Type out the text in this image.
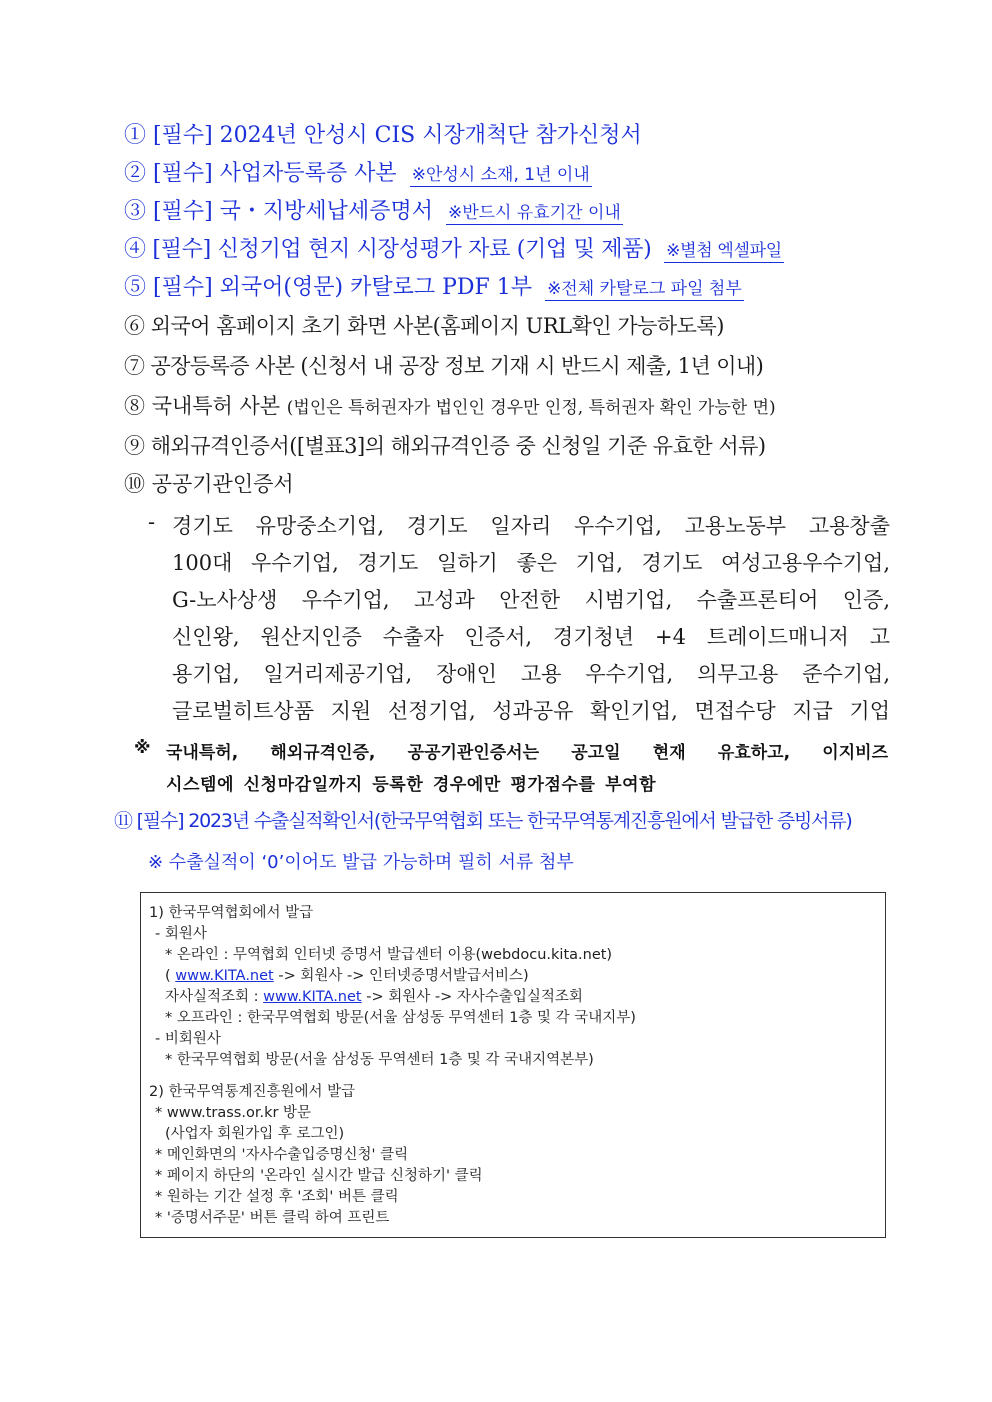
① [필수] 2024년 안성시 CIS 시장개척단 참가신청서
② [필수] 사업자등록증 사본 ※안성시 소재, 1년 이내
③ [필수] 국・지방세납세증명서 ※반드시 유효기간 이내
④ [필수] 신청기업 현지 시장성평가 자료 (기업 및 제품) ※별첨 엑셀파일
⑤ [필수] 외국어(영문) 카탈로그 PDF 1부 ※전체 카탈로그 파일 첨부
⑥ 외국어 홈페이지 초기 화면 사본(홈페이지 URL확인 가능하도록)
⑦ 공장등록증 사본 (신청서 내 공장 정보 기재 시 반드시 제출, 1년 이내)
⑧ 국내특허 사본 (법인은 특허권자가 법인인 경우만 인정, 특허권자 확인 가능한 면)
⑨ 해외규격인증서([별표3]의 해외규격인증 중 신청일 기준 유효한 서류)
⑩ 공공기관인증서
- 경기도 유망중소기업, 경기도 일자리 우수기업, 고용노동부 고용창출
100대 우수기업, 경기도 일하기 좋은 기업, 경기도 여성고용우수기업,
G-노사상생 우수기업, 고성과 안전한 시범기업, 수출프론티어 인증,
신인왕, 원산지인증 수출자 인증서, 경기청년 +4 트레이드매니저 고
용기업, 일거리제공기업, 장애인 고용 우수기업, 의무고용 준수기업,
글로벌히트상품 지원 선정기업, 성과공유 확인기업, 면접수당 지급 기업
※ 국내특허, 해외규격인증, 공공기관인증서는 공고일 현재 유효하고, 이지비즈
시스템에 신청마감일까지 등록한 경우에만 평가점수를 부여함
⑪ [필수] 2023년 수출실적확인서(한국무역협회 또는 한국무역통계진흥원에서 발급한 증빙서류)
※ 수출실적이 ‘0’이어도 발급 가능하며 필히 서류 첨부
1) 한국무역협회에서 발급
- 회원사
* 온라인 : 무역협회 인터넷 증명서 발급센터 이용(webdocu.kita.net)
( www.KITA.net -> 회원사 -> 인터넷증명서발급서비스)
자사실적조회 : www.KITA.net -> 회원사 -> 자사수출입실적조회
* 오프라인 : 한국무역협회 방문(서울 삼성동 무역센터 1층 및 각 국내지부)
- 비회원사
* 한국무역협회 방문(서울 삼성동 무역센터 1층 및 각 국내지역본부)
2) 한국무역통계진흥원에서 발급
* www.trass.or.kr 방문
(사업자 회원가입 후 로그인)
* 메인화면의 '자사수출입증명신청' 클릭
* 페이지 하단의 '온라인 실시간 발급 신청하기' 클릭
* 원하는 기간 설정 후 '조회' 버튼 클릭
* '증명서주문' 버튼 클릭 하여 프린트
